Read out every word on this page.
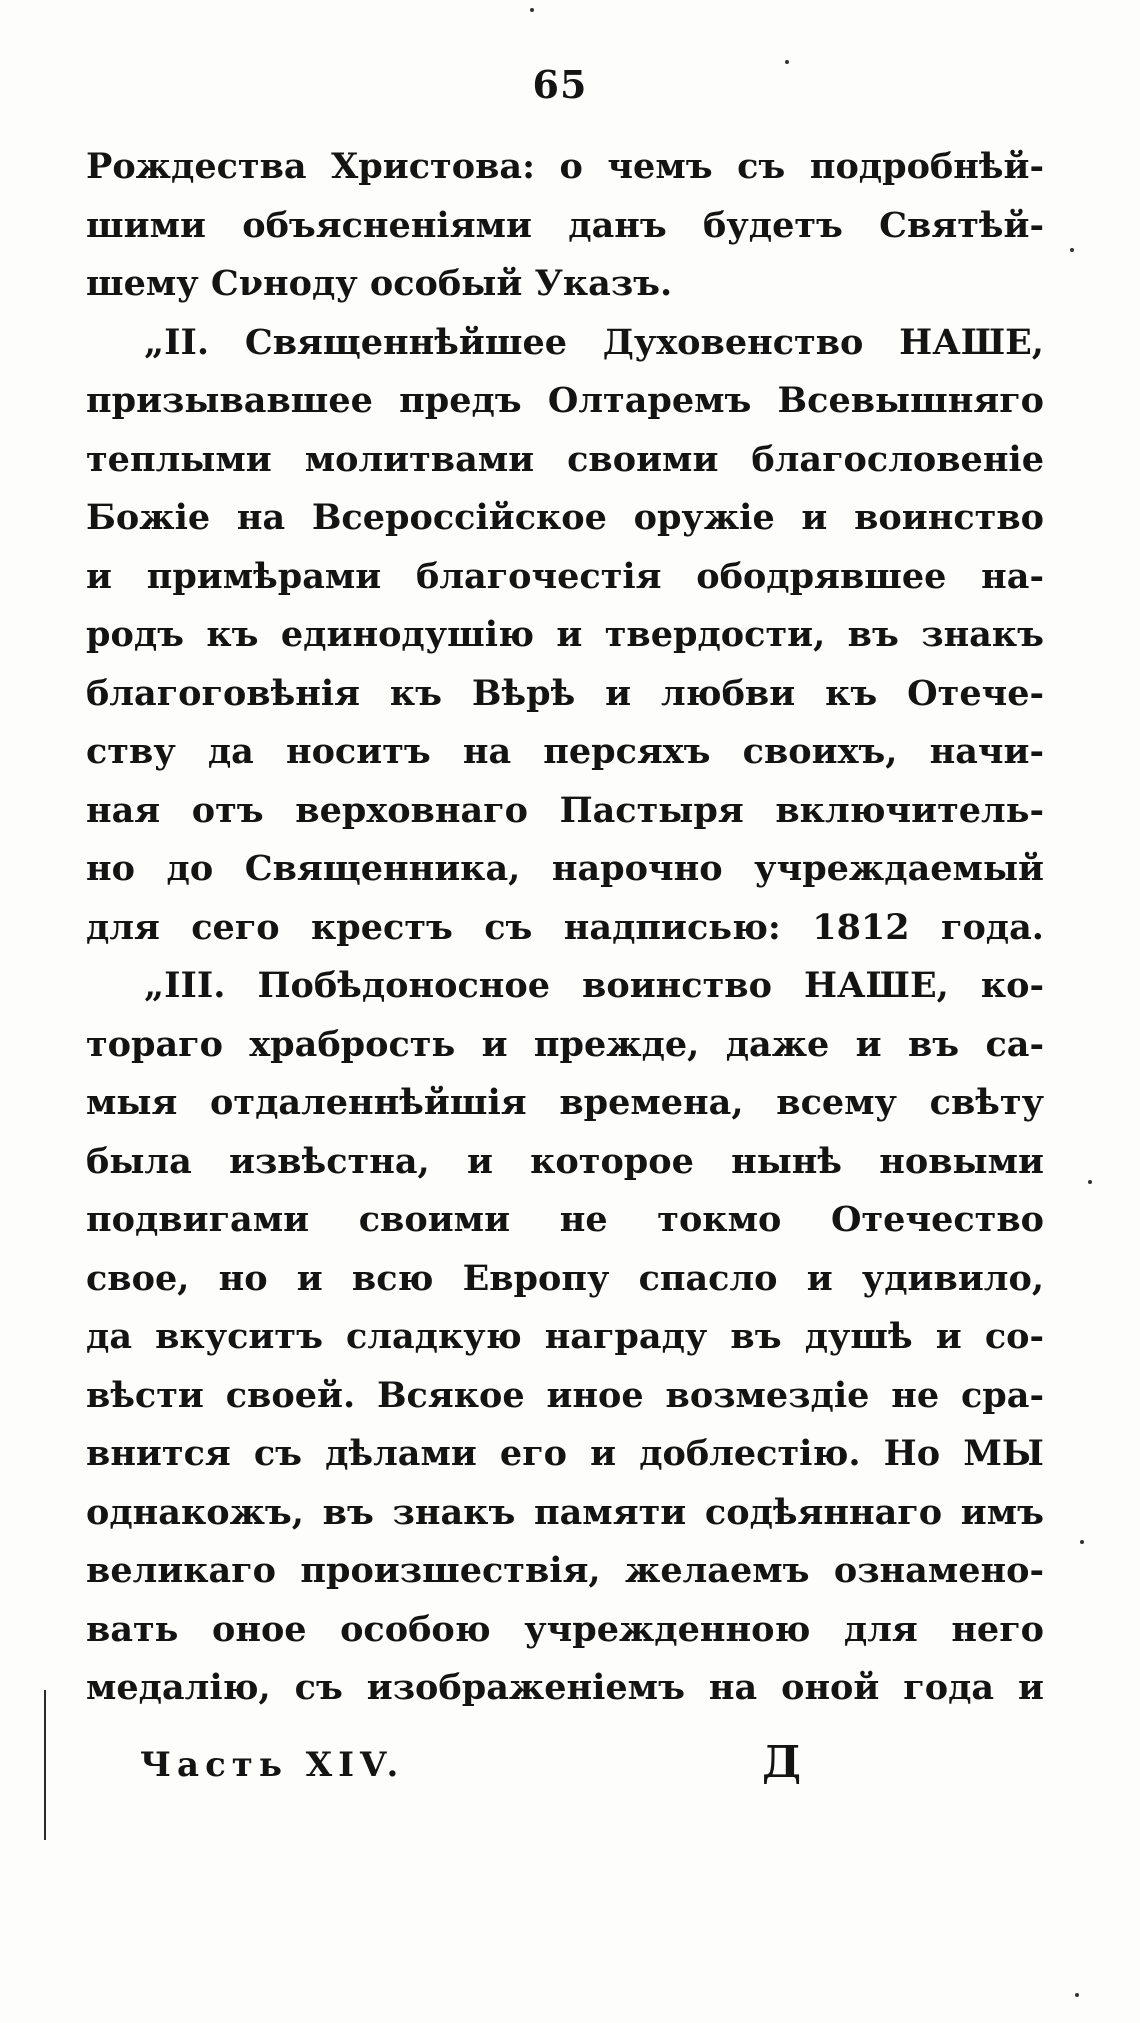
65
Рождества Христова: о чемъ съ подробнѣй-
шими объясненіями данъ будетъ Святѣй-
шему Сνноду особый Указъ.
„II. Священнѣйшее Духовенство НАШЕ,
призывавшее предъ Олтаремъ Всевышняго
теплыми молитвами своими благословеніе
Божіе на Всероссійское оружіе и воинство
и примѣрами благочестія ободрявшее на-
родъ къ единодушію и твердости, въ знакъ
благоговѣнія къ Вѣрѣ и любви къ Отече-
ству да носитъ на персяхъ своихъ, начи-
ная отъ верховнаго Пастыря включитель-
но до Священника, нарочно учреждаемый
для сего крестъ съ надписью: 1812 года.
„III. Побѣдоносное воинство НАШЕ, ко-
тораго храбрость и прежде, даже и въ са-
мыя отдаленнѣйшія времена, всему свѣту
была извѣстна, и которое нынѣ новыми
подвигами своими не токмо Отечество
свое, но и всю Европу спасло и удивило,
да вкуситъ сладкую награду въ душѣ и со-
вѣсти своей. Всякое иное возмездіе не сра-
внится съ дѣлами его и доблестію. Но МЫ
однакожъ, въ знакъ памяти содѣяннаго имъ
великаго произшествія, желаемъ ознамено-
вать оное особою учрежденною для него
медалію, съ изображеніемъ на оной года и
Часть XIV.	Д
